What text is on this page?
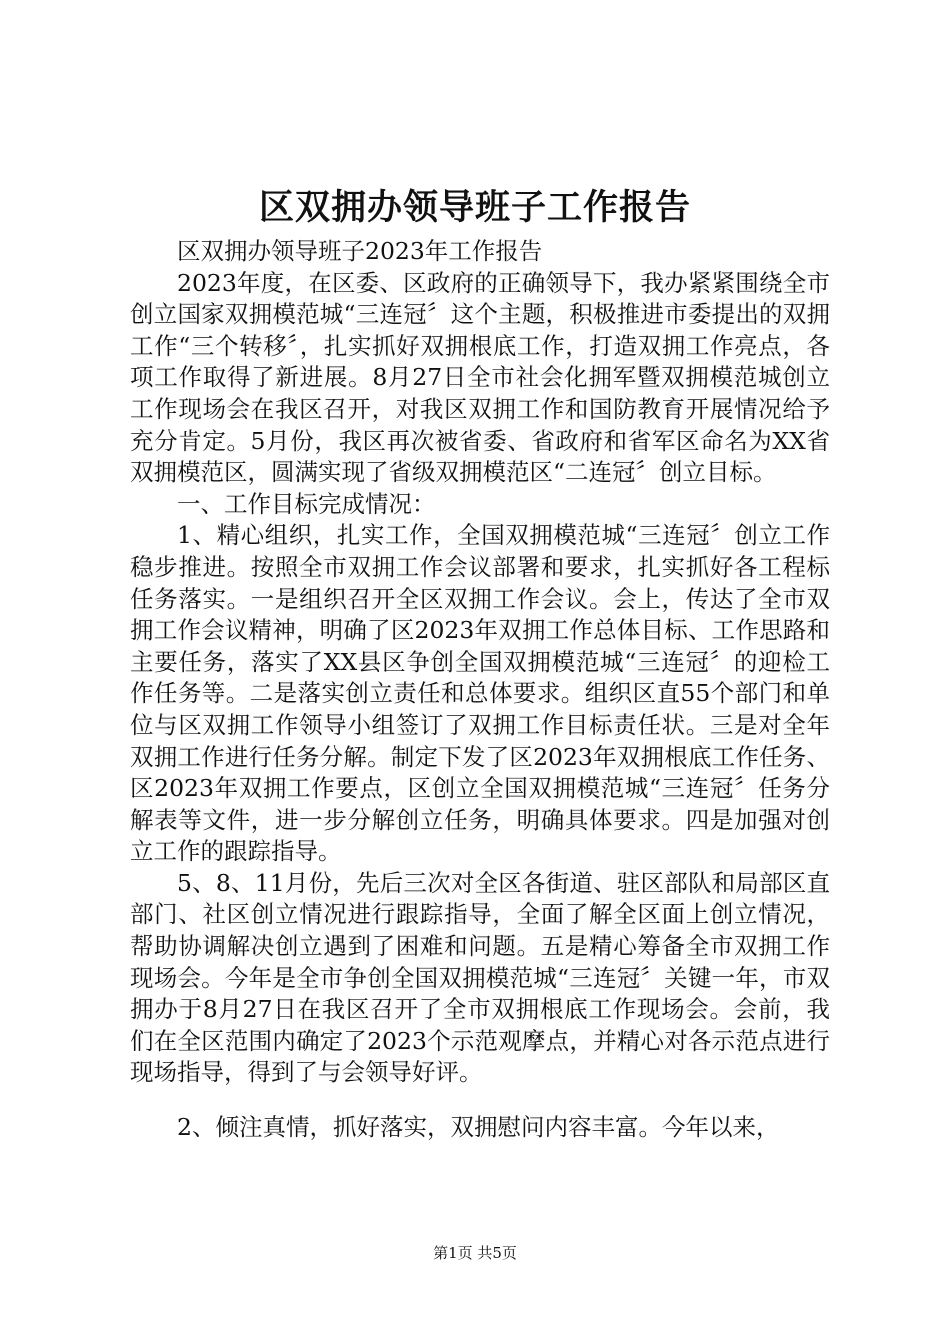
区双拥办领导班子工作报告

区双拥办领导班子2023年工作报告

2023年度，在区委、区政府的正确领导下，我办紧紧围绕全市创立国家双拥模范城“三连冠〞这个主题，积极推进市委提出的双拥工作“三个转移〞，扎实抓好双拥根底工作，打造双拥工作亮点，各项工作取得了新进展。8月27日全市社会化拥军暨双拥模范城创立工作现场会在我区召开，对我区双拥工作和国防教育开展情况给予充分肯定。5月份，我区再次被省委、省政府和省军区命名为XX省双拥模范区，圆满实现了省级双拥模范区“二连冠〞创立目标。

一、工作目标完成情况：

1、精心组织，扎实工作，全国双拥模范城“三连冠〞创立工作稳步推进。按照全市双拥工作会议部署和要求，扎实抓好各工程标任务落实。一是组织召开全区双拥工作会议。会上，传达了全市双拥工作会议精神，明确了区2023年双拥工作总体目标、工作思路和主要任务，落实了XX县区争创全国双拥模范城“三连冠〞的迎检工作任务等。二是落实创立责任和总体要求。组织区直55个部门和单位与区双拥工作领导小组签订了双拥工作目标责任状。三是对全年双拥工作进行任务分解。制定下发了区2023年双拥根底工作任务、区2023年双拥工作要点，区创立全国双拥模范城“三连冠〞任务分解表等文件，进一步分解创立任务，明确具体要求。四是加强对创立工作的跟踪指导。

5、8、11月份，先后三次对全区各街道、驻区部队和局部区直部门、社区创立情况进行跟踪指导，全面了解全区面上创立情况，帮助协调解决创立遇到了困难和问题。五是精心筹备全市双拥工作现场会。今年是全市争创全国双拥模范城“三连冠〞关键一年，市双拥办于8月27日在我区召开了全市双拥根底工作现场会。会前，我们在全区范围内确定了2023个示范观摩点，并精心对各示范点进行现场指导，得到了与会领导好评。

2、倾注真情，抓好落实，双拥慰问内容丰富。今年以来，

第1页 共5页
